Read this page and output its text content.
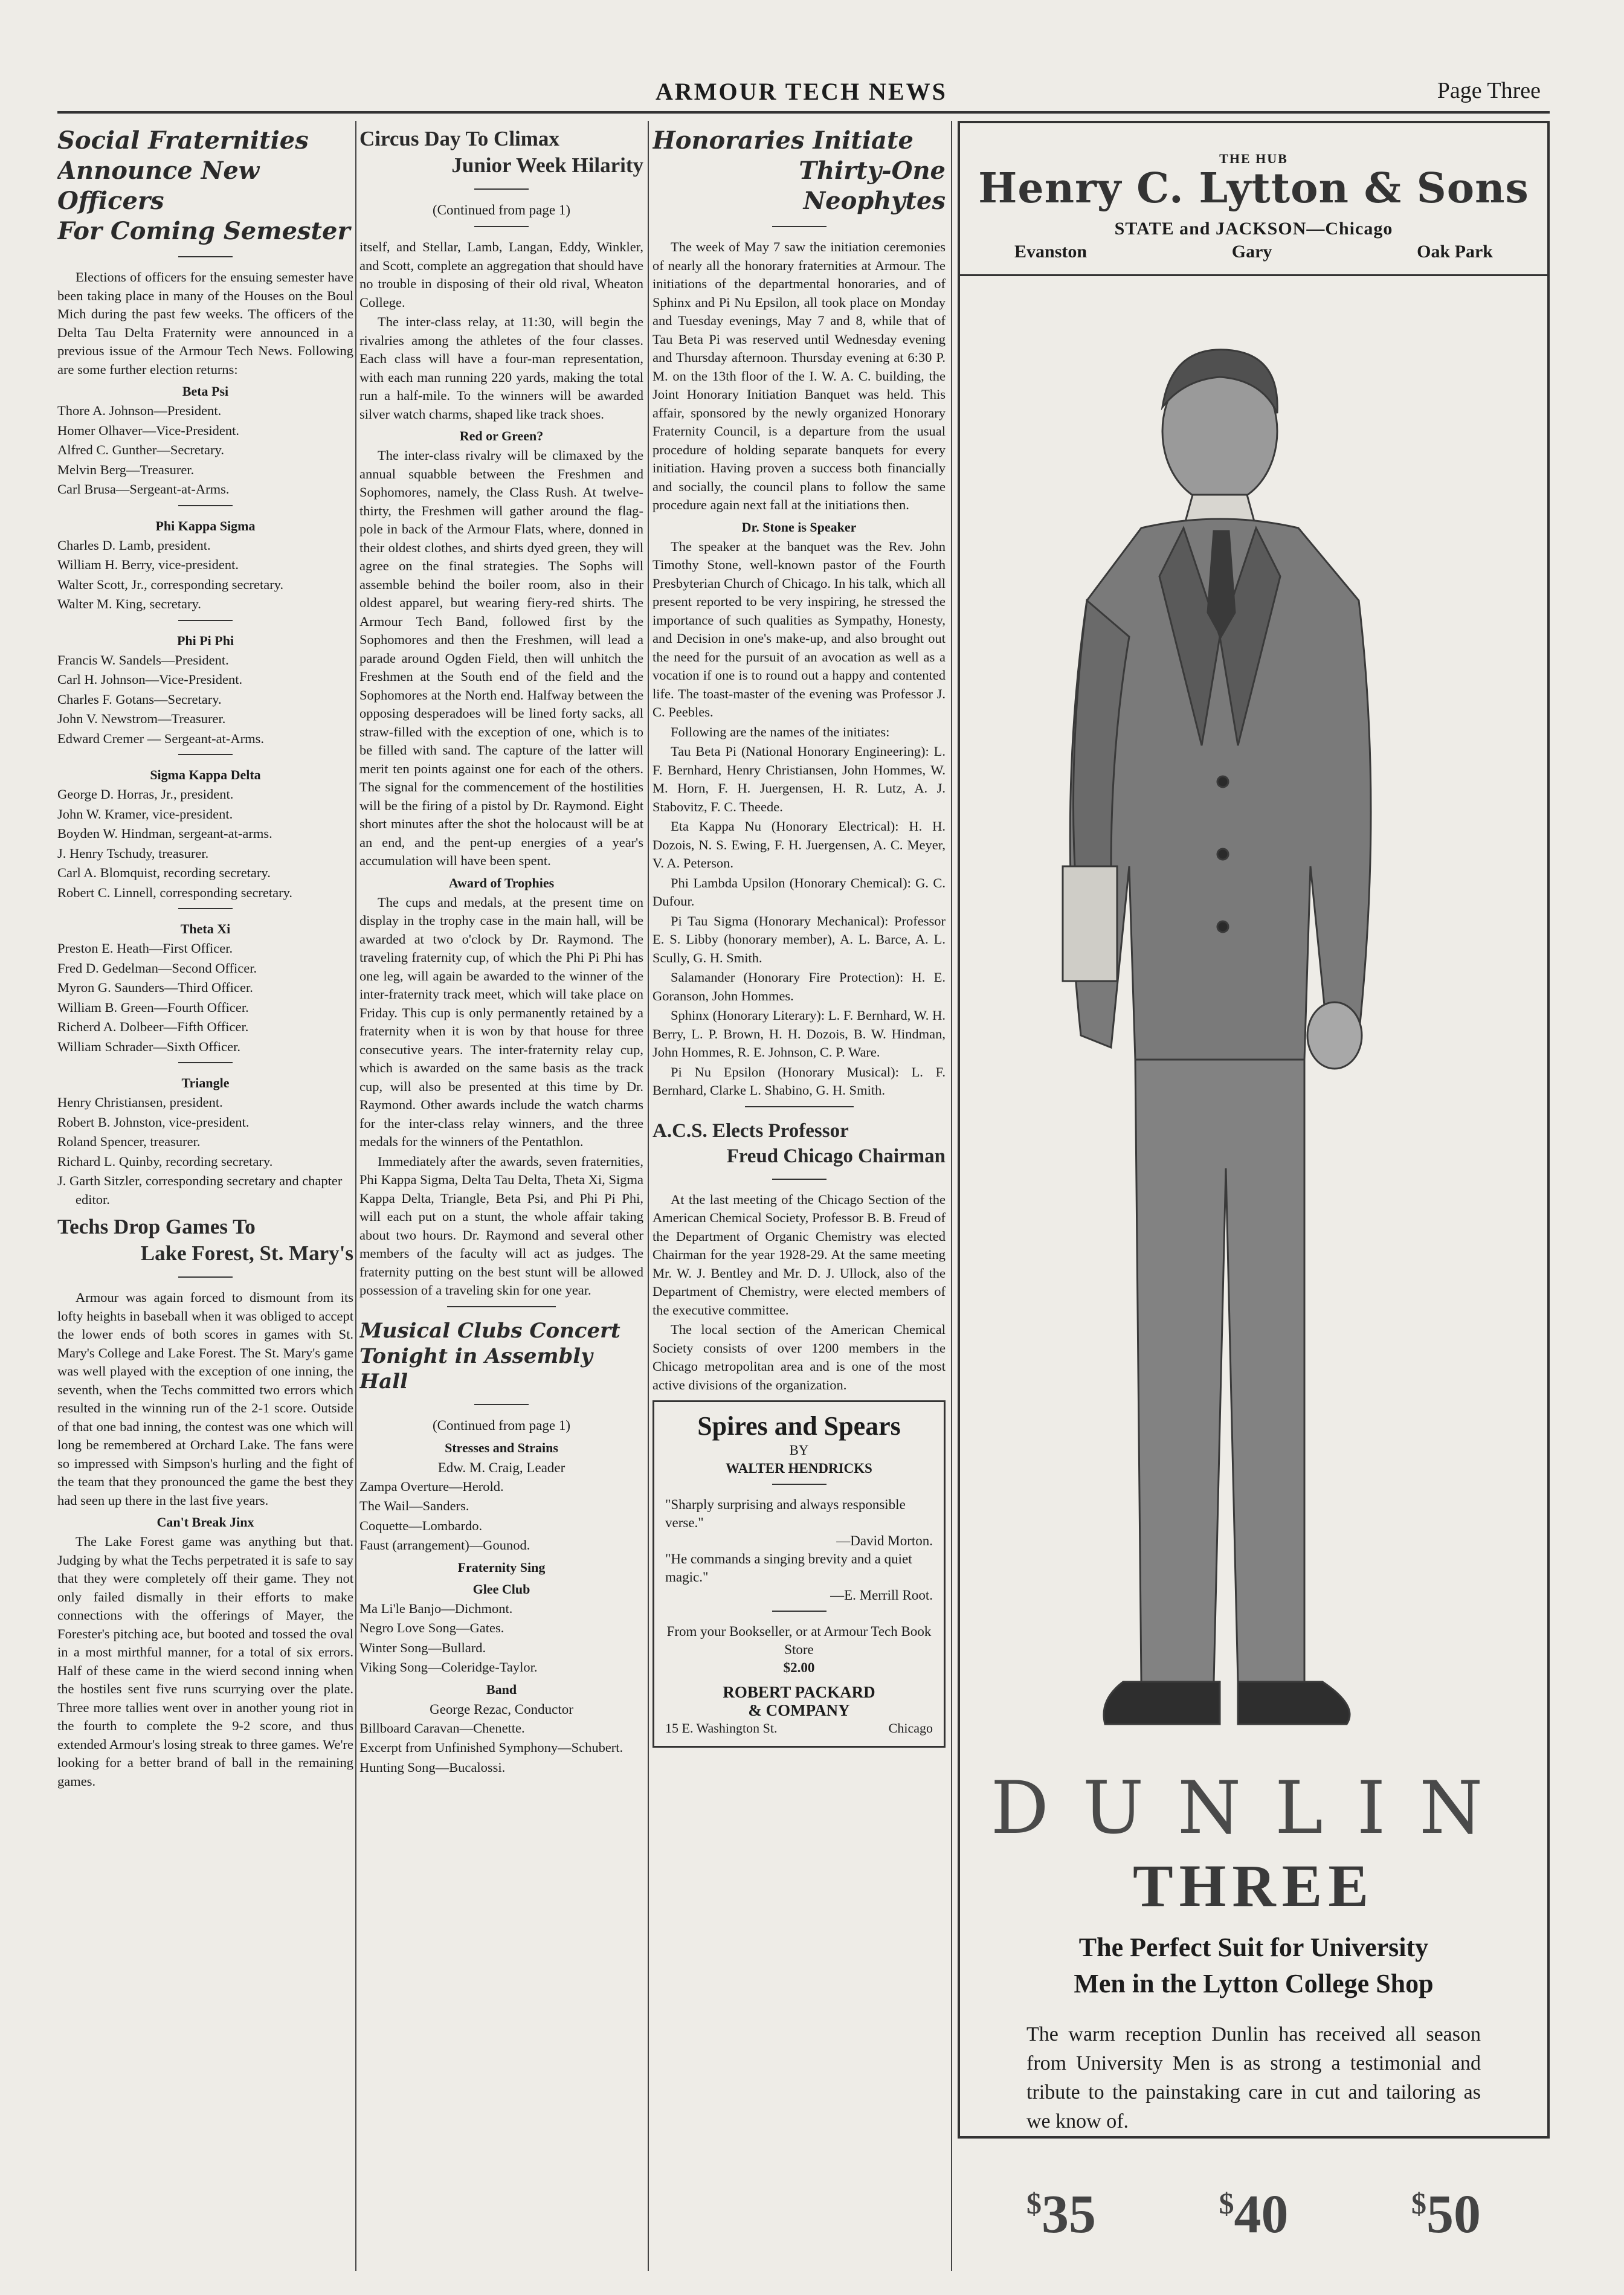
ARMOUR TECH NEWS	Page Three
Social Fraternities
Announce New Officers
For Coming Semester

Elections of officers for the ensuing semester have been taking place in many of the Houses on the Boul Mich during the past few weeks. The officers of the Delta Tau Delta Fraternity were announced in a previous issue of the Armour Tech News. Following are some further election returns:

Beta Psi

Thore A. Johnson—President.

Homer Olhaver—Vice-President.

Alfred C. Gunther—Secretary.

Melvin Berg—Treasurer.

Carl Brusa—Sergeant-at-Arms.

Phi Kappa Sigma

Charles D. Lamb, president.

William H. Berry, vice-president.

Walter Scott, Jr., corresponding secretary.

Walter M. King, secretary.

Phi Pi Phi

Francis W. Sandels—President.

Carl H. Johnson—Vice-President.

Charles F. Gotans—Secretary.

John V. Newstrom—Treasurer.

Edward Cremer — Sergeant-at-Arms.

Sigma Kappa Delta

George D. Horras, Jr., president.

John W. Kramer, vice-president.

Boyden W. Hindman, sergeant-at-arms.

J. Henry Tschudy, treasurer.

Carl A. Blomquist, recording secretary.

Robert C. Linnell, corresponding secretary.

Theta Xi

Preston E. Heath—First Officer.

Fred D. Gedelman—Second Officer.

Myron G. Saunders—Third Officer.

William B. Green—Fourth Officer.

Richerd A. Dolbeer—Fifth Officer.

William Schrader—Sixth Officer.

Triangle

Henry Christiansen, president.

Robert B. Johnston, vice-president.

Roland Spencer, treasurer.

Richard L. Quinby, recording secretary.

J. Garth Sitzler, corresponding secretary and chapter editor.

Techs Drop Games To
Lake Forest, St. Mary's

Armour was again forced to dismount from its lofty heights in baseball when it was obliged to accept the lower ends of both scores in games with St. Mary's College and Lake Forest. The St. Mary's game was well played with the exception of one inning, the seventh, when the Techs committed two errors which resulted in the winning run of the 2-1 score. Outside of that one bad inning, the contest was one which will long be remembered at Orchard Lake. The fans were so impressed with Simpson's hurling and the fight of the team that they pronounced the game the best they had seen up there in the last five years.

Can't Break Jinx

The Lake Forest game was anything but that. Judging by what the Techs perpetrated it is safe to say that they were completely off their game. They not only failed dismally in their efforts to make connections with the offerings of Mayer, the Forester's pitching ace, but booted and tossed the oval in a most mirthful manner, for a total of six errors. Half of these came in the wierd second inning when the hostiles sent five runs scurrying over the plate. Three more tallies went over in another young riot in the fourth to complete the 9-2 score, and thus extended Armour's losing streak to three games. We're looking for a better brand of ball in the remaining games.

Circus Day To Climax
Junior Week Hilarity
(Continued from page 1)

itself, and Stellar, Lamb, Langan, Eddy, Winkler, and Scott, complete an aggregation that should have no trouble in disposing of their old rival, Wheaton College.

The inter-class relay, at 11:30, will begin the rivalries among the athletes of the four classes. Each class will have a four-man representation, with each man running 220 yards, making the total run a half-mile. To the winners will be awarded silver watch charms, shaped like track shoes.

Red or Green?

The inter-class rivalry will be climaxed by the annual squabble between the Freshmen and Sophomores, namely, the Class Rush. At twelve-thirty, the Freshmen will gather around the flag-pole in back of the Armour Flats, where, donned in their oldest clothes, and shirts dyed green, they will agree on the final strategies. The Sophs will assemble behind the boiler room, also in their oldest apparel, but wearing fiery-red shirts. The Armour Tech Band, followed first by the Sophomores and then the Freshmen, will lead a parade around Ogden Field, then will unhitch the Freshmen at the South end of the field and the Sophomores at the North end. Halfway between the opposing desperadoes will be lined forty sacks, all straw-filled with the exception of one, which is to be filled with sand. The capture of the latter will merit ten points against one for each of the others. The signal for the commencement of the hostilities will be the firing of a pistol by Dr. Raymond. Eight short minutes after the shot the holocaust will be at an end, and the pent-up energies of a year's accumulation will have been spent.

Award of Trophies

The cups and medals, at the present time on display in the trophy case in the main hall, will be awarded at two o'clock by Dr. Raymond. The traveling fraternity cup, of which the Phi Pi Phi has one leg, will again be awarded to the winner of the inter-fraternity track meet, which will take place on Friday. This cup is only permanently retained by a fraternity when it is won by that house for three consecutive years. The inter-fraternity relay cup, which is awarded on the same basis as the track cup, will also be presented at this time by Dr. Raymond. Other awards include the watch charms for the inter-class relay winners, and the three medals for the winners of the Pentathlon.

Immediately after the awards, seven fraternities, Phi Kappa Sigma, Delta Tau Delta, Theta Xi, Sigma Kappa Delta, Triangle, Beta Psi, and Phi Pi Phi, will each put on a stunt, the whole affair taking about two hours. Dr. Raymond and several other members of the faculty will act as judges. The fraternity putting on the best stunt will be allowed possession of a traveling skin for one year.

Musical Clubs Concert
Tonight in Assembly Hall
(Continued from page 1)
Stresses and Strains
Edw. M. Craig, Leader

Zampa Overture—Herold.

The Wail—Sanders.

Coquette—Lombardo.

Faust (arrangement)—Gounod.

Fraternity Sing
Glee Club

Ma Li'le Banjo—Dichmont.

Negro Love Song—Gates.

Winter Song—Bullard.

Viking Song—Coleridge-Taylor.

Band
George Rezac, Conductor

Billboard Caravan—Chenette.

Excerpt from Unfinished Symphony—Schubert.

Hunting Song—Bucalossi.

Honoraries Initiate
Thirty-One Neophytes

The week of May 7 saw the initiation ceremonies of nearly all the honorary fraternities at Armour. The initiations of the departmental honoraries, and of Sphinx and Pi Nu Epsilon, all took place on Monday and Tuesday evenings, May 7 and 8, while that of Tau Beta Pi was reserved until Wednesday evening and Thursday afternoon. Thursday evening at 6:30 P. M. on the 13th floor of the I. W. A. C. building, the Joint Honorary Initiation Banquet was held. This affair, sponsored by the newly organized Honorary Fraternity Council, is a departure from the usual procedure of holding separate banquets for every initiation. Having proven a success both financially and socially, the council plans to follow the same procedure again next fall at the initiations then.

Dr. Stone is Speaker

The speaker at the banquet was the Rev. John Timothy Stone, well-known pastor of the Fourth Presbyterian Church of Chicago. In his talk, which all present reported to be very inspiring, he stressed the importance of such qualities as Sympathy, Honesty, and Decision in one's make-up, and also brought out the need for the pursuit of an avocation as well as a vocation if one is to round out a happy and contented life. The toast-master of the evening was Professor J. C. Peebles.

Following are the names of the initiates:

Tau Beta Pi (National Honorary Engineering): L. F. Bernhard, Henry Christiansen, John Hommes, W. M. Horn, F. H. Juergensen, H. R. Lutz, A. J. Stabovitz, F. C. Theede.

Eta Kappa Nu (Honorary Electrical): H. H. Dozois, N. S. Ewing, F. H. Juergensen, A. C. Meyer, V. A. Peterson.

Phi Lambda Upsilon (Honorary Chemical): G. C. Dufour.

Pi Tau Sigma (Honorary Mechanical): Professor E. S. Libby (honorary member), A. L. Barce, A. L. Scully, G. H. Smith.

Salamander (Honorary Fire Protection): H. E. Goranson, John Hommes.

Sphinx (Honorary Literary): L. F. Bernhard, W. H. Berry, L. P. Brown, H. H. Dozois, B. W. Hindman, John Hommes, R. E. Johnson, C. P. Ware.

Pi Nu Epsilon (Honorary Musical): L. F. Bernhard, Clarke L. Shabino, G. H. Smith.

A.C.S. Elects Professor
Freud Chicago Chairman

At the last meeting of the Chicago Section of the American Chemical Society, Professor B. B. Freud of the Department of Organic Chemistry was elected Chairman for the year 1928-29. At the same meeting Mr. W. J. Bentley and Mr. D. J. Ullock, also of the Department of Chemistry, were elected members of the executive committee.

The local section of the American Chemical Society consists of over 1200 members in the Chicago metropolitan area and is one of the most active divisions of the organization.

Spires and Spears
BY
WALTER HENDRICKS
"Sharply surprising and always responsible verse."
—David Morton.
"He commands a singing brevity and a quiet magic."
—E. Merrill Root.
From your Bookseller, or at Armour Tech Book Store
$2.00
ROBERT PACKARD
& COMPANY
15 E. Washington St.	Chicago
THE HUB
Henry C. Lytton & Sons
STATE and JACKSON—Chicago
Evanston	Gary	Oak Park
DUNLIN
THREE
The Perfect Suit for University
Men in the Lytton College Shop
The warm reception Dunlin has received all season from University Men is as strong a testimonial and tribute to the painstaking care in cut and tailoring as we know of.
$35	$40	$50
